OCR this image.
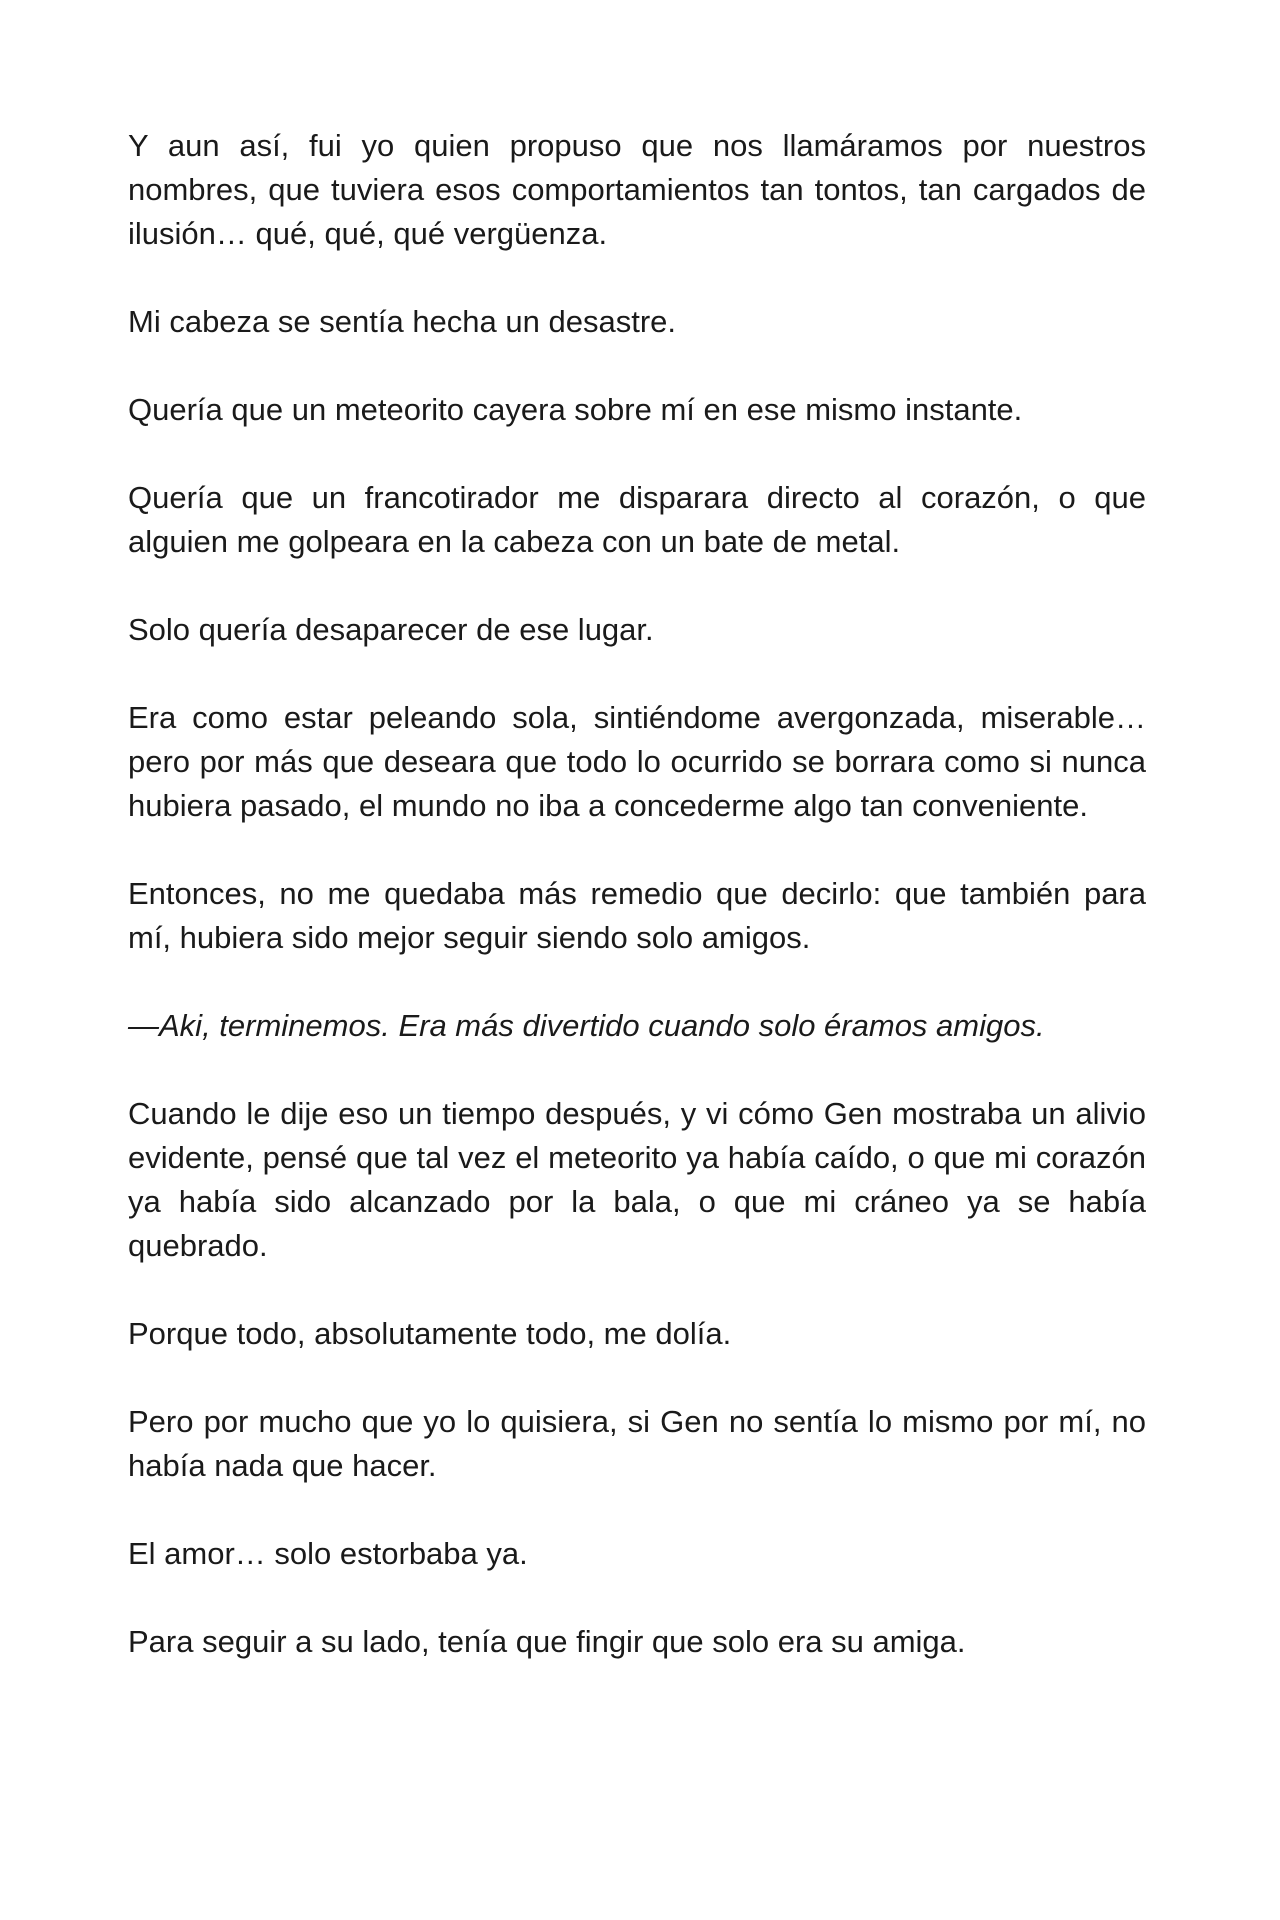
Y aun así, fui yo quien propuso que nos llamáramos por nuestros nombres, que tuviera esos comportamientos tan tontos, tan cargados de ilusión… qué, qué, qué vergüenza.

Mi cabeza se sentía hecha un desastre.

Quería que un meteorito cayera sobre mí en ese mismo instante.

Quería que un francotirador me disparara directo al corazón, o que alguien me golpeara en la cabeza con un bate de metal.

Solo quería desaparecer de ese lugar.

Era como estar peleando sola, sintiéndome avergonzada, miserable… pero por más que deseara que todo lo ocurrido se borrara como si nunca hubiera pasado, el mundo no iba a concederme algo tan conveniente.

Entonces, no me quedaba más remedio que decirlo: que también para mí, hubiera sido mejor seguir siendo solo amigos.

—Aki, terminemos. Era más divertido cuando solo éramos amigos.

Cuando le dije eso un tiempo después, y vi cómo Gen mostraba un alivio evidente, pensé que tal vez el meteorito ya había caído, o que mi corazón ya había sido alcanzado por la bala, o que mi cráneo ya se había quebrado.

Porque todo, absolutamente todo, me dolía.

Pero por mucho que yo lo quisiera, si Gen no sentía lo mismo por mí, no había nada que hacer.

El amor… solo estorbaba ya.

Para seguir a su lado, tenía que fingir que solo era su amiga.
